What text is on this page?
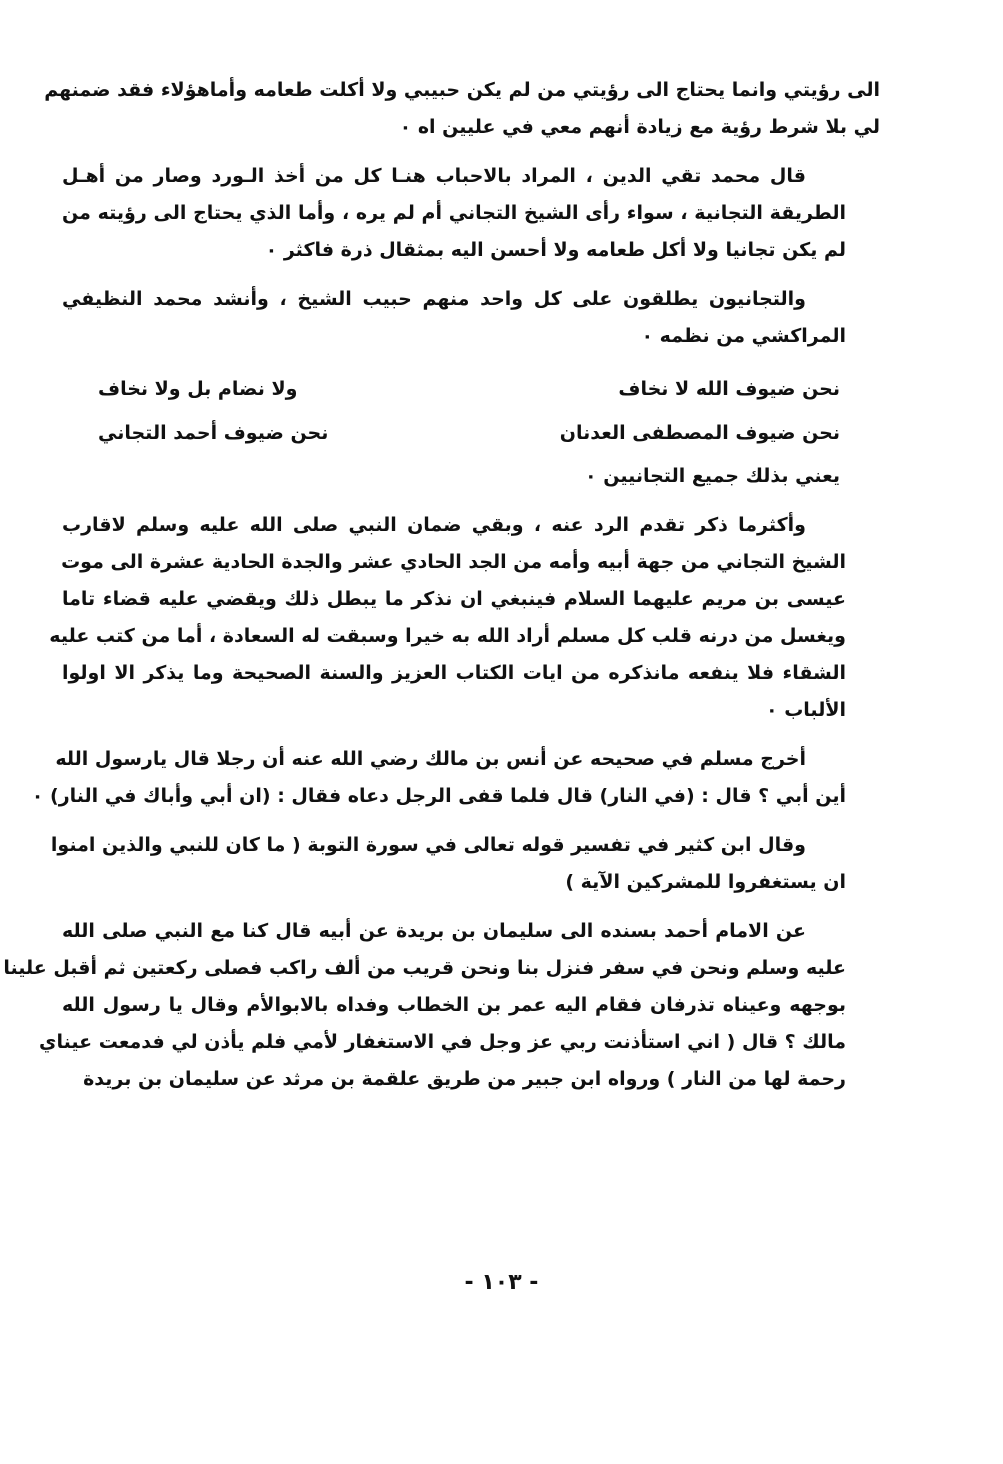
الى رؤيتي وانما يحتاج الى رؤيتي من لم يكن حبيبي ولا أكلت طعامه وأماهؤلاء فقد ضمنهم
لي بلا شرط رؤية مع زيادة أنهم معي في عليين اه ٠
قال محمد تقي الدين ، المراد بالاحباب هنـا كل من أخذ الـورد وصار من أهـل
الطريقة التجانية ، سواء رأى الشيخ التجاني أم لم يره ، وأما الذي يحتاج الى رؤيته من
لم يكن تجانيا ولا أكل طعامه ولا أحسن اليه بمثقال ذرة فاكثر ٠
والتجانيون يطلقون على كل واحد منهم حبيب الشيخ ، وأنشد محمد النظيفي
المراكشي من نظمه ٠
نحن ضيوف الله لا نخاف
ولا نضام بل ولا نخاف
نحن ضيوف المصطفى العدنان
نحن ضيوف أحمد التجاني
يعني بذلك جميع التجانيين ٠
وأكثرما ذكر تقدم الرد عنه ، وبقي ضمان النبي صلى الله عليه وسلم لاقارب
الشيخ التجاني من جهة أبيه وأمه من الجد الحادي عشر والجدة الحادية عشرة الى موت
عيسى بن مريم عليهما السلام فينبغي ان نذكر ما يبطل ذلك ويقضي عليه قضاء تاما
ويغسل من درنه قلب كل مسلم أراد الله به خيرا وسبقت له السعادة ، أما من كتب عليه
الشقاء فلا ينفعه مانذكره من ايات الكتاب العزيز والسنة الصحيحة وما يذكر الا اولوا
الألباب ٠
أخرج مسلم في صحيحه عن أنس بن مالك رضي الله عنه أن رجلا قال يارسول الله
أين أبي ؟ قال : (في النار) قال فلما قفى الرجل دعاه فقال : (ان أبي وأباك في النار) ٠
وقال ابن كثير في تفسير قوله تعالى في سورة التوبة ( ما كان للنبي والذين امنوا
ان يستغفروا للمشركين الآية )
عن الامام أحمد بسنده الى سليمان بن بريدة عن أبيه قال كنا مع النبي صلى الله
عليه وسلم ونحن في سفر فنزل بنا ونحن قريب من ألف راكب فصلى ركعتين ثم أقبل علينا
بوجهه وعيناه تذرفان فقام اليه عمر بن الخطاب وفداه بالابوالأم وقال يا رسول الله
مالك ؟ قال ( اني استأذنت ربي عز وجل في الاستغفار لأمي فلم يأذن لي فدمعت عيناي
رحمة لها من النار ) ورواه ابن جبير من طريق علقمة بن مرثد عن سليمان بن بريدة
- ١٠٣ -
